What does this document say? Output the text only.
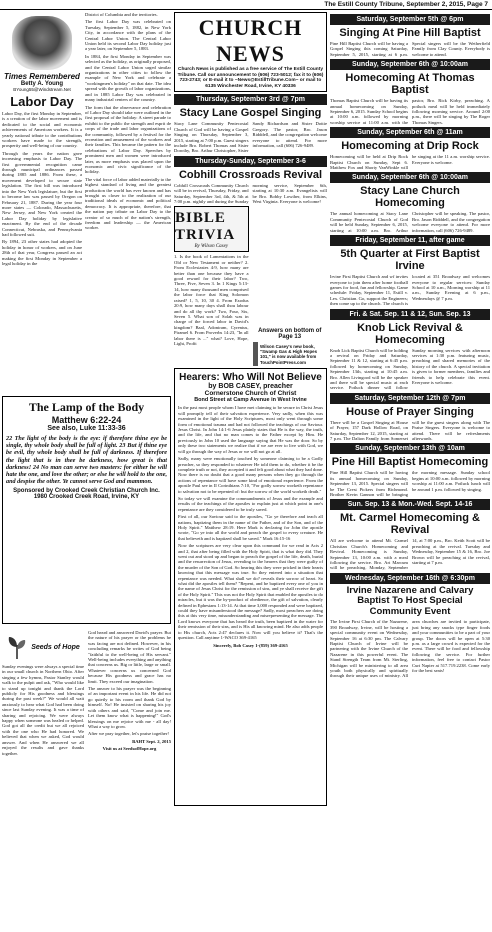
The Estill County Tribune, September 2, 2015, Page 7
Times Remembered
Betty A. Young
BYoung55@Windstream.Net
Labor Day

Labor Day, the first Monday in September, is a creation of the labor movement and is dedicated to the social and economic achievements of American workers. It is a yearly national tribute to the contributions workers have made to the strength, prosperity and well-being of our country.

Through the years the nation gave increasing emphasis to Labor Day. The first governmental recognition came through municipal ordinances passed during 1885 and 1886. From these, a movement developed to secure state legislation. The first bill was introduced into the New York legislature, but the first to become law was passed by Oregon on February 21, 1887. During the year four more states — Colorado, Massachusetts, New Jersey, and New York created the Labor Day holiday by legislative enactment. By the end of the decade Connecticut, Nebraska, and Pennsylvania had followed suit.

By 1894, 23 other states had adopted the holiday in honor of workers, and on June 28th of that year, Congress passed an act making the first Monday in September a legal holiday in the

District of Columbia and the territories.

The first Labor Day was celebrated on Tuesday, September 5, 1882, in New York City, in accordance with the plans of the Central Labor Union. The Central Labor Union held its second Labor Day holiday just a year later, on September 5, 1883.

In 1884, the first Monday in September was selected as the holiday, as originally proposed, and the Central Labor Union urged similar organizations in other cities to follow the example of New York and celebrate a "workingmen's holiday" on that date. The idea spread with the growth of labor organizations, and in 1885 Labor Day was celebrated in many industrial centers of the country.

The form that the observance and celebration of Labor Day should take were outlined in the first proposal of the holiday: A street parade to exhibit to the public the strength and esprit de corps of the trade and labor organizations of the community, followed by a festival for the recreation and amusement of the workers and their families. This became the pattern for the celebrations of Labor Day. Speeches by prominent men and women were introduced later, as more emphasis was placed upon the economic and civic significance of the holiday.

The vital force of labor added materially to the highest standard of living and the greatest production the world has ever known and has brought us closer to the realization of our traditional ideals of economic and political democracy. It is appropriate, therefore, that the nation pay tribute on Labor Day to the creator of so much of the nation's strength, freedom and leadership — the American worker.

The Lamp of the Body
Matthew 6:22-24
See also, Luke 11:33-36

22 The light of the body is the eye: if therefore thine eye be single, thy whole body shall be full of light. 23 But if thine eye be evil, thy whole body shall be full of darkness. If therefore the light that is in thee be darkness, how great is that darkness! 24 No man can serve two masters: for either he will hate the one, and love the other; or else he will hold to the one, and despise the other. Ye cannot serve God and mammon.

Sponsored by Crooked Creek Christian Church Inc.
1980 Crooked Creek Road, Irvine, KY
Seeds of Hope

Sunday evenings were always a special time in our small church in Northern Ohio. After singing a few hymns, Pastor Stanley would walk to the pulpit and ask, "Who would like to stand up tonight and thank the Lord publicly for His goodness and blessings during the past week?" We would all wait anxiously to hear what God had been doing since last Sunday evening. It was a time of sharing and rejoicing. We were always happy when someone was healed or helped. God got all the credit but we all rejoiced with the one who He had honored. We believed that when we asked, God would answer. And when He answered we all enjoyed the results and gave thanks together.

God heard and answered David's prayer. But the nature of his prayer or the problems he was facing are not defined. However, in his concluding remarks he writes of God being "faithful to the well-being of His servant." Well-being includes everything and anything that concerns us. Big or little, large or small. Whatever concerns us concerned God because His goodness and grace has no limit. They exceed our imagination.

The answer to his prayer was the beginning of an important event in his life. He did not go quietly to his room and thank God by himself. No! He insisted on sharing his joy with others and said, "Come and join me. Let them know what is happening!" God's blessings on me rejoice with me - all day! What a way to grow.

After we pray together, let's praise together!

BAHT Sept. 2, 2015

Visit us at SeedsofHope.org

CHURCH NEWS
Church News is published as a free service of The Estill County Tribune. Call our announcement to (606) 723-5012; fax it to (606) 723-2743; or E-mail it to ~News@EstillTribune.Com~ or mail to 6135 Winchester Road, Irvine, KY 40336
Thursday, September 3rd @ 7pm
Stacy Lane Gospel Singing

Stacy Lane Community Pentecostal Church of God will be having a Gospel Singing on Thursday, September 3, 2015, starting at 7:00 p.m. Guest singers include Bro. Robert Thomas and Sister Dorothy, Bro. Arthur Christopher, Sister Sandy Richardson and Sister Dottie Gregory. The pastor, Bro. Jason Ridddell, and the congregation welcome everyone to attend. For more information, call (606) 726-9489.

Thursday-Sunday, September 3-6
Cobhill Crossroads Revival

Cobhill Crossroads Community Church will be in revival, Thursday, Friday, and Saturday, September 3rd, 4th, & 5th at 7:00 p.m. nightly and during the Sunday morning service, September 6th, starting at 10:30 a.m. Evangelists will be Bro. Bobby Lowther, from Elkins, West Virginia. Everyone is welcome!

BIBLE TRIVIA
By Wilson Casey

1. Is the book of Lamentations in the Old or New Testament or neither? 2. From Ecclesiastes 4:9, how many are better than one because they have a good reward for their labor? Two, Three, Five, Seven 3. In 1 Kings 5:13-14, how many thousand men comprised the labor force that King Solomon raised? 1, 5, 10, 30 4. From Exodus 20:9, how many days shall thou labour and do all thy work? Two, Four, Six, Seven 5. What son of Solah was in charge of the forced labor in David's kingdom? Baal, Adoniram, Cyrenius, Piramel 6. From Proverbs 14:23, "In all labor there is ..." what? Love, Hope, Light, Profit

Answers on bottom of Page 13
Wilson Casey's new book, "Swamp Gas & High Hopes 101," is now available from TouchPointPress.com
Hearers: Who Will Not Believe
by BOB CASEY, preacher
Cornerstone Church of Christ
Bond Street at Camp Avenue in West Irvine

In the past most people whom I have met claiming to be secure in Christ Jesus will promptly tell of their salvation experience. Very sadly, when this was examined in the light of the Holy Scriptures, most only went through some form of emotional trauma and had not followed the teachings of our Saviour. Jesus Christ. In John 14:1-6 Jesus plainly states that He is the way, the truth, and the life, and that no man comes to the Father except by Him. He previously in John 10 used the language saying that He was the door. So by only these two statements we realize that if we are ever to live with God, we will go through the way of Jesus or we will not go at all.

Sadly, many were emotionally touched by someone claiming to be a Godly preacher, so they responded to whatever He told them to do, whether it be the complete truth or not, they accepted it and felt good about what they had done. Now there is no doubt that a good many persons when they go through the actions of repentance will have some kind of emotional experience. From the apostle Paul see in II Corinthians 7:10, "For godly sorrow worketh repentance to salvation not to be repented of: but the sorrow of the world worketh death."

So today we will examine the commandments of Jesus and the example and results of the teachings of the apostles to explain just at which point in one's repentance are they considered to be truly saved.

First of all, our Saviour said to the apostles, "Go ye therefore and teach all nations, baptizing them in the name of the Father, and of the Son, and of the Holy Spirit." Matthew 28:19. Here Mark is declaring for John the apostle wrote, "Go ye into all the world and preach the gospel to every creature. He that believeth and is baptized shall be saved." Mark 16:15-16

Now the scriptures are very clear upon this command for we read in Acts 2 and 2, that after being filled with the Holy Spirit, that is what they did. They went out and stood up and began to preach the gospel of the life, death, burial and the resurrection of Jesus, revealing to the hearers that they were guilty of the murder of the Son of God. So hearing this they were pricked in their hearts knowing that this message was true. So they entered into a situation that repentance was needed. What shall we do? reveals their sorrow of heart. So what did the apostles tell them? "Repent, and be baptized every one of you in the name of Jesus Christ for the remission of sins, and ye shall receive the gift of the Holy Spirit." This was not the Holy Spirit that enabled the apostles to do miracles, but it was the by-product of obedience, the gift of salvation, clearly defined in Ephesians 1:13-14. At that time 3,000 responded and were baptized, could they have misunderstood the message? Sadly, most preachers are doing this at this very time, misunderstanding and misrepresenting the message. The Lord knows everyone that has heard the truth, been baptized in the water for their remission of their sins, and is His all knowing mind. He also adds people to His church, Acts 2:47 declares it. Now will you believe it? That's the question. Call anytime 1-WACO 369-4165

Sincerely, Bob Casey 1-(859) 369-4165

Saturday, September 5th @ 6pm
Singing At Pine Hill Baptist

Pine Hill Baptist Church will be having a Gospel Singing this coming Saturday, September 5, 2015, starting at 6 p.m. Special singers will be the Wetherfield Family from Clay County. Everybody is welcome to attend.

Sunday, September 6th @ 10:00am
Homecoming At Thomas Baptist

Thomas Baptist Church will be having its annual homecoming on Sunday, September 6, 2015. Sunday School begins at 10:00 a.m. followed by morning worship service at 11:00 a.m. with the pastor, Bro. Rick Kirby, preaching. A potluck meal will be held immediately following morning service. Around 2:00 p.m., there will be singing by The Roger Thomas Singers.

Sunday, September 6th @ 11am
Homecoming at Drip Rock

Homecoming will be held at Drip Rock Baptist Church on Sunday, Sept 6. Matthew Fox and Shorty VanWinkle will be singing at the 11 a.m. worship service. Everyone is welcome.

Sunday, September 6th @ 10:00am
Stacy Lane Church Homecoming

The annual homecoming at Stacy Lane Community Pentecostal Church of God will be held Sunday, September 6, 2015, starting at 10:00 a.m. Bro. Arthur Christopher will be speaking. The pastor, Bro. Jason Ridddell, and the congregation welcome everyone to attend. For more information, call (606) 726-9489.

Friday, September 11, after game
5th Quarter at First Baptist Irvine

Irvine First Baptist Church and wf invites everyone to join them after home football games for food, fun and fellowship. Game schedule: Friday, September 11, Estill v. Lex. Christian. Go, support the Engineers; then come up to the church. The church is located at 351 Broadway and welcomes everyone to regular services: Sunday School at 10 a.m., Morning worship at 11 a.m., Sunday Evening at 6 p.m., Wednesdays @ 7 p.m.

Fri. & Sat. Sep. 11 & 12, Sun. Sep. 13
Knob Lick Revival & Homecoming

Knob Lick Baptist Church will be holding a revival on Friday and Saturday, September 11 & 12, starting at 6:45 p.m. followed by homecoming on Sunday, September 13th, starting at 10:45 a.m. Bro. Allen Livingood will be the speaker and there will be special music at each service. Potluck dinner will follow Sunday morning services with afternoon services at 1:30 p.m. featuring music, preaching and shared memories of the history of the church. A special invitation is given to former members, families and friends to help celebrate this event. Everyone is welcome.

Saturday, September 12th @ 7pm
House of Prayer Singing

There will be a Gospel Singing at House of Prayer, 157 Dark Hollow Road, on Saturday, September 12, 2015, starting at 7 p.m. The Dalton Family from Somerset will be the guest singers along with The Praise Singers. Everyone is welcome to attend. There will be refreshments afterwards.

Sunday, September 13th @ 10am
Pine Hill Baptist Homecoming

Pine Hill Baptist Church will be having its annual homecoming on Sunday, September 13, 2015. Special singers will be The Crest Pickers from Richmond. Brother Kevin Gannon will be bringing the morning message. Sunday school begins at 10:00 a.m. followed by morning worship at 11:00 a.m. Potluck lunch will be around 1 p.m. followed by singing.

Sun. Sep. 13 & Mon.-Wed. Sept. 14-16
Mt. Carmel Homecoming & Revival

All are welcome to attend Mt. Carmel Christian Church's Homecoming and Revival. Homecoming is Sunday, September 13, 10:00 a.m. with a meal following the service. Bro. Art Marcum will be preaching. Monday, September 14, at 7:00 p.m., Bro. Keith Scott will be preaching at the revival. Tuesday and Wednesday, September 15 & 16, Bro. Joe Brown will be preaching at the revival, starting at 7 p.m.

Wednesday, September 16th @ 6:30pm
Irvine Nazarene and Calvary Baptist To Host Special Community Event

The Irvine First Church of the Nazarene, 390 Broadway, Irvine, will be hosting a special community event on Wednesday, September 16 at 6:30 pm. The Calvary Baptist Church of Irvine will be partnering with the Irvine Church of the Nazarene in this powerful event. The Stand Strength Team from Mt. Sterling, Michigan will be ministering to all area youth both physically and spiritually through their unique uses of ministry. All area churches are invited to participate, just bring any snacks type finger foods and your communities to be a part of your group. The doors will be open at 5:30 p.m. as a large crowd is expected for the event. There will be food and fellowship following the service. For further information, feel free to contact Pastor Curt Napier at 517.719.2238. Come early for the best seats!
